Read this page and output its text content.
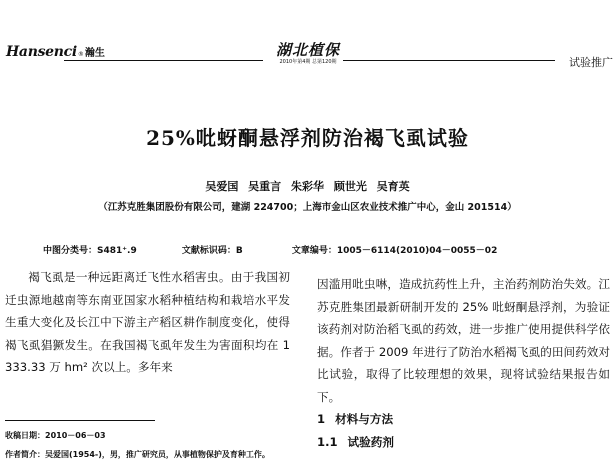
Hansenci ® 瀚生	湖北植保
2010年第4期 总第120期	试验推广
25%吡蚜酮悬浮剂防治褐飞虱试验
吴爱国 吴重言 朱彩华 顾世光 吴育英
（江苏克胜集团股份有限公司，建湖 224700；上海市金山区农业技术推广中心，金山 201514）
中图分类号：S481⁺.9	文献标识码：B	文章编号：1005－6114(2010)04－0055－02

褐飞虱是一种远距离迁飞性水稻害虫。由于我国初迁虫源地越南等东南亚国家水稻种植结构和栽培水平发生重大变化及长江中下游主产稻区耕作制度变化，使得褐飞虱猖獗发生。在我国褐飞虱年发生为害面积均在 1 333.33 万 hm² 次以上。多年来

因滥用吡虫啉，造成抗药性上升，主治药剂防治失效。江苏克胜集团最新研制开发的 25% 吡蚜酮悬浮剂，为验证该药剂对防治稻飞虱的药效，进一步推广使用提供科学依据。作者于 2009 年进行了防治水稻褐飞虱的田间药效对比试验，取得了比较理想的效果，现将试验结果报告如下。

1 材料与方法

1.1 试验药剂

收稿日期：2010－06－03
作者简介：吴爱国(1954-)，男，推广研究员，从事植物保护及育种工作。
